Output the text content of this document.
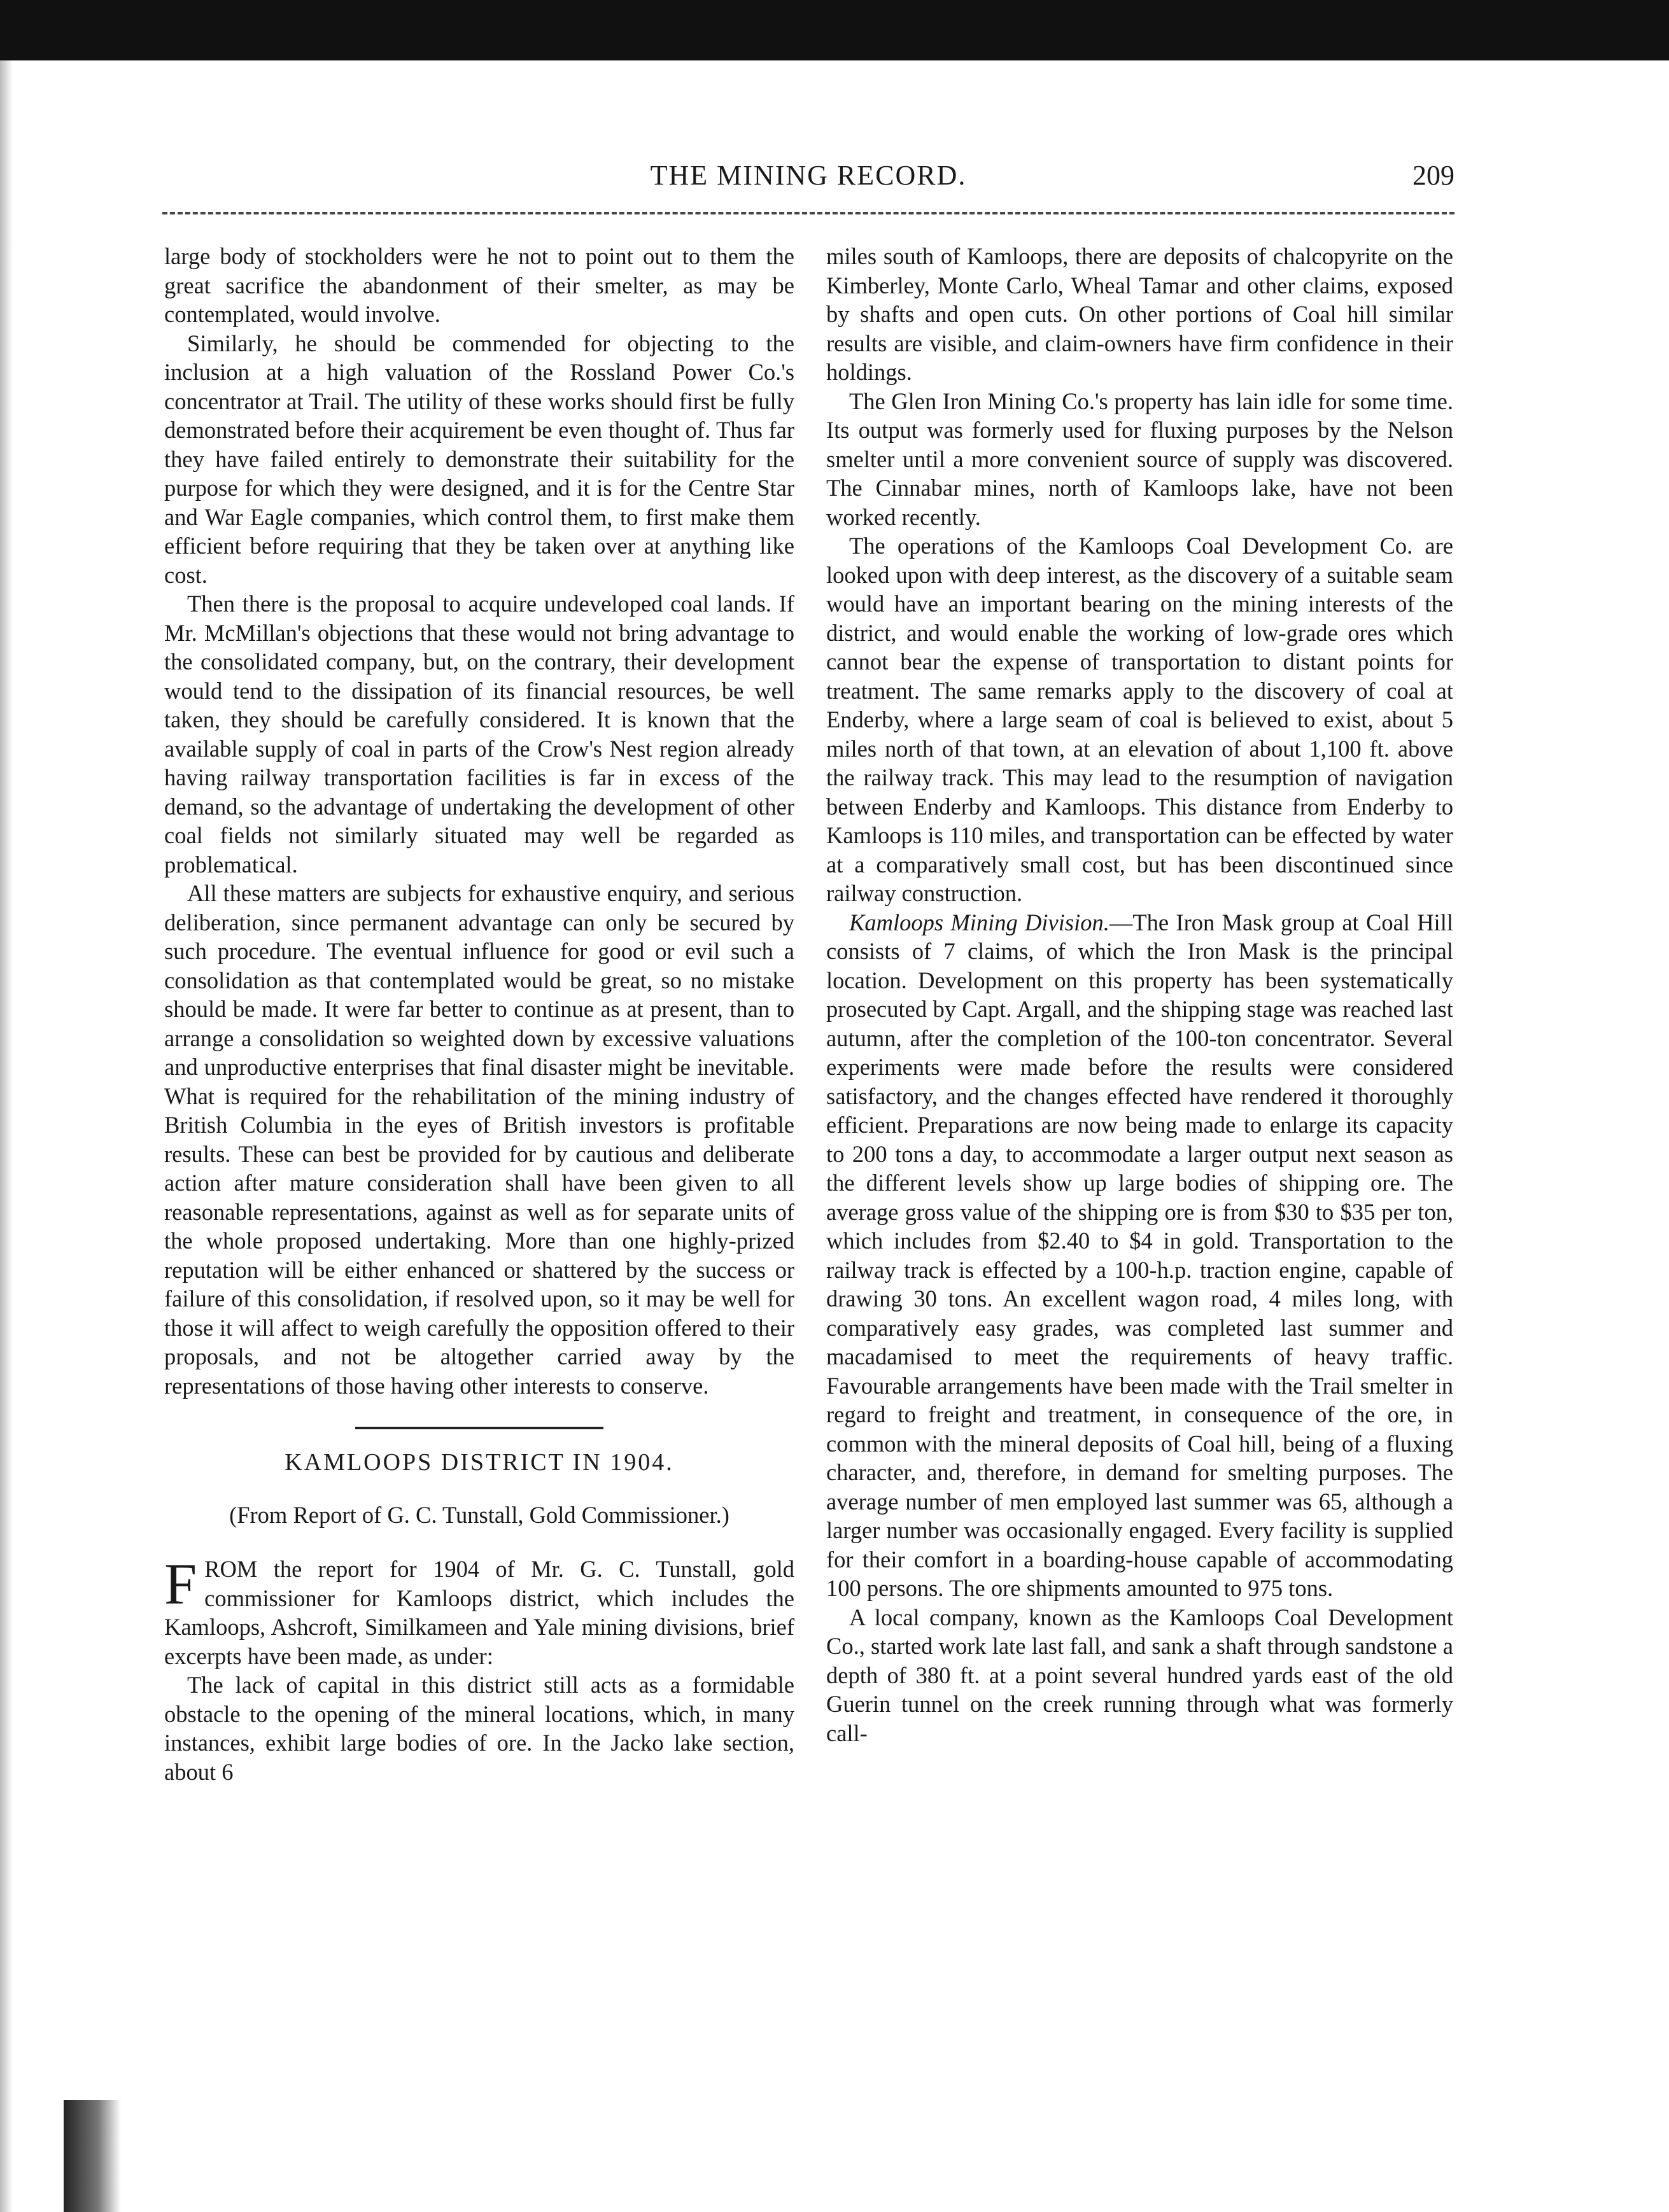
THE MINING RECORD.	209

large body of stockholders were he not to point out to them the great sacrifice the abandonment of their smelter, as may be contemplated, would involve.

Similarly, he should be commended for objecting to the inclusion at a high valuation of the Rossland Power Co.'s concentrator at Trail. The utility of these works should first be fully demonstrated before their acquirement be even thought of. Thus far they have failed entirely to demonstrate their suitability for the purpose for which they were designed, and it is for the Centre Star and War Eagle companies, which control them, to first make them efficient before requiring that they be taken over at anything like cost.

Then there is the proposal to acquire undeveloped coal lands. If Mr. McMillan's objections that these would not bring advantage to the consolidated company, but, on the contrary, their development would tend to the dissipation of its financial resources, be well taken, they should be carefully considered. It is known that the available supply of coal in parts of the Crow's Nest region already having railway transportation facilities is far in excess of the demand, so the advantage of undertaking the development of other coal fields not similarly situated may well be regarded as problematical.

All these matters are subjects for exhaustive enquiry, and serious deliberation, since permanent advantage can only be secured by such procedure. The eventual influence for good or evil such a consolidation as that contemplated would be great, so no mistake should be made. It were far better to continue as at present, than to arrange a consolidation so weighted down by excessive valuations and unproductive enterprises that final disaster might be inevitable. What is required for the rehabilitation of the mining industry of British Columbia in the eyes of British investors is profitable results. These can best be provided for by cautious and deliberate action after mature consideration shall have been given to all reasonable representations, against as well as for separate units of the whole proposed undertaking. More than one highly-prized reputation will be either enhanced or shattered by the success or failure of this consolidation, if resolved upon, so it may be well for those it will affect to weigh carefully the opposition offered to their proposals, and not be altogether carried away by the representations of those having other interests to conserve.

KAMLOOPS DISTRICT IN 1904.
(From Report of G. C. Tunstall, Gold Commissioner.)

FROM the report for 1904 of Mr. G. C. Tunstall, gold commissioner for Kamloops district, which includes the Kamloops, Ashcroft, Similkameen and Yale mining divisions, brief excerpts have been made, as under:

The lack of capital in this district still acts as a formidable obstacle to the opening of the mineral locations, which, in many instances, exhibit large bodies of ore. In the Jacko lake section, about 6

miles south of Kamloops, there are deposits of chalcopyrite on the Kimberley, Monte Carlo, Wheal Tamar and other claims, exposed by shafts and open cuts. On other portions of Coal hill similar results are visible, and claim-owners have firm confidence in their holdings.

The Glen Iron Mining Co.'s property has lain idle for some time. Its output was formerly used for fluxing purposes by the Nelson smelter until a more convenient source of supply was discovered. The Cinnabar mines, north of Kamloops lake, have not been worked recently.

The operations of the Kamloops Coal Development Co. are looked upon with deep interest, as the discovery of a suitable seam would have an important bearing on the mining interests of the district, and would enable the working of low-grade ores which cannot bear the expense of transportation to distant points for treatment. The same remarks apply to the discovery of coal at Enderby, where a large seam of coal is believed to exist, about 5 miles north of that town, at an elevation of about 1,100 ft. above the railway track. This may lead to the resumption of navigation between Enderby and Kamloops. This distance from Enderby to Kamloops is 110 miles, and transportation can be effected by water at a comparatively small cost, but has been discontinued since railway construction.

Kamloops Mining Division.—The Iron Mask group at Coal Hill consists of 7 claims, of which the Iron Mask is the principal location. Development on this property has been systematically prosecuted by Capt. Argall, and the shipping stage was reached last autumn, after the completion of the 100-ton concentrator. Several experiments were made before the results were considered satisfactory, and the changes effected have rendered it thoroughly efficient. Preparations are now being made to enlarge its capacity to 200 tons a day, to accommodate a larger output next season as the different levels show up large bodies of shipping ore. The average gross value of the shipping ore is from $30 to $35 per ton, which includes from $2.40 to $4 in gold. Transportation to the railway track is effected by a 100-h.p. traction engine, capable of drawing 30 tons. An excellent wagon road, 4 miles long, with comparatively easy grades, was completed last summer and macadamised to meet the requirements of heavy traffic. Favourable arrangements have been made with the Trail smelter in regard to freight and treatment, in consequence of the ore, in common with the mineral deposits of Coal hill, being of a fluxing character, and, therefore, in demand for smelting purposes. The average number of men employed last summer was 65, although a larger number was occasionally engaged. Every facility is supplied for their comfort in a boarding-house capable of accommodating 100 persons. The ore shipments amounted to 975 tons.

A local company, known as the Kamloops Coal Development Co., started work late last fall, and sank a shaft through sandstone a depth of 380 ft. at a point several hundred yards east of the old Guerin tunnel on the creek running through what was formerly call-
